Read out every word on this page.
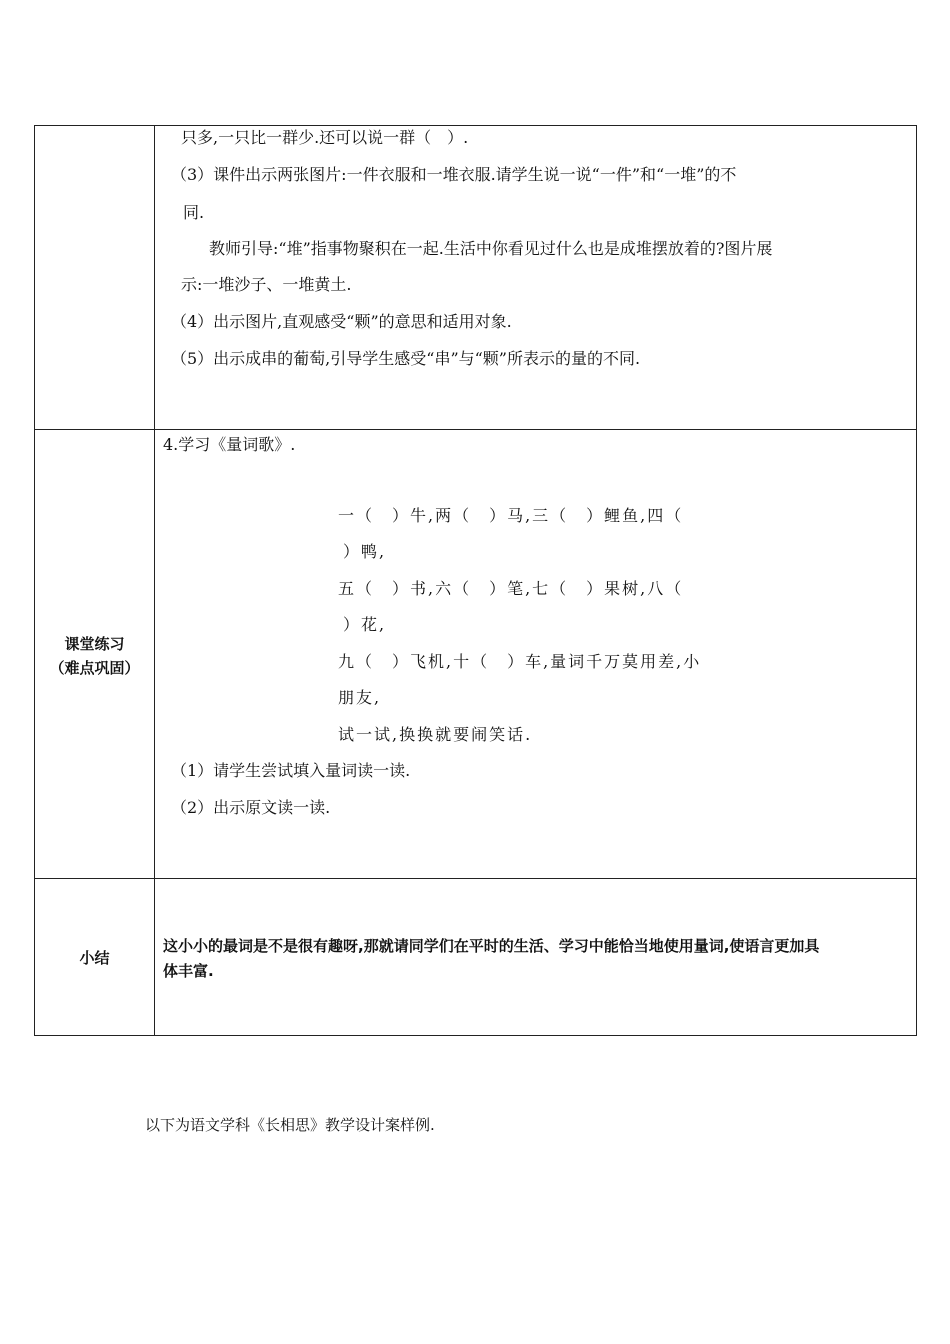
只多,一只比一群少.还可以说一群（　）.
（3）课件出示两张图片:一件衣服和一堆衣服.请学生说一说“一件”和“一堆”的不
同.
教师引导:“堆”指事物聚积在一起.生活中你看见过什么也是成堆摆放着的?图片展
示:一堆沙子、一堆黄土.
（4）出示图片,直观感受“颗”的意思和适用对象.
（5）出示成串的葡萄,引导学生感受“串”与“颗”所表示的量的不同.
课堂练习
（难点巩固）
4.学习《量词歌》.
一（　）牛,两（　）马,三（　）鲤鱼,四（
）鸭,
五（　）书,六（　）笔,七（　）果树,八（
）花,
九（　）飞机,十（　）车,量词千万莫用差,小
朋友,
试一试,换换就要闹笑话.
（1）请学生尝试填入量词读一读.
（2）出示原文读一读.
小结
这小小的最词是不是很有趣呀,那就请同学们在平时的生活、学习中能恰当地使用量词,使语言更加具
体丰富.
以下为语文学科《长相思》教学设计案样例.
